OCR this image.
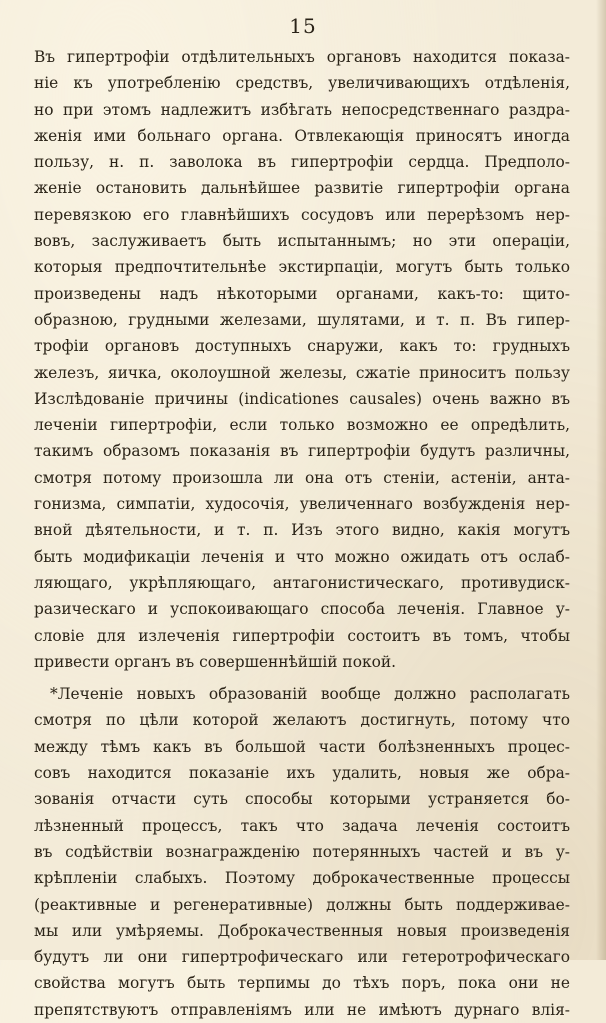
15
Въ гипертрофіи отдѣлительныхъ органовъ находится показа-
ніе къ употребленію средствъ, увеличивающихъ отдѣленія,
но при этомъ надлежитъ избѣгать непосредственнаго раздра-
женія ими больнаго органа. Отвлекающія приносятъ иногда
пользу, н. п. заволока въ гипертрофіи сердца. Предполо-
женіе остановить дальнѣйшее развитіе гипертрофіи органа
перевязкою его главнѣйшихъ сосудовъ или перерѣзомъ нер-
вовъ, заслуживаетъ быть испытаннымъ; но эти операціи,
которыя предпочтительнѣе экстирпаціи, могутъ быть только
произведены надъ нѣкоторыми органами, какъ-то: щито-
образною, грудными железами, шулятами, и т. п. Въ гипер-
трофіи органовъ доступныхъ снаружи, какъ то: грудныхъ
железъ, яичка, околоушной железы, сжатіе приноситъ пользу
Изслѣдованіе причины (indicationes causales) очень важно въ
леченіи гипертрофіи, если только возможно ее опредѣлить,
такимъ образомъ показанія въ гипертрофіи будутъ различны,
смотря потому произошла ли она отъ стеніи, астеніи, анта-
гонизма, симпатіи, худосочія, увеличеннаго возбужденія нер-
вной дѣятельности, и т. п. Изъ этого видно, какія могутъ
быть модификаціи леченія и что можно ожидать отъ ослаб-
ляющаго, укрѣпляющаго, антагонистическаго, противудиск-
разическаго и успокоивающаго способа леченія. Главное у-
словіе для излеченія гипертрофіи состоитъ въ томъ, чтобы
привести органъ въ совершеннѣйшій покой.
*Леченіе новыхъ образованій вообще должно располагать
смотря по цѣли которой желаютъ достигнуть, потому что
между тѣмъ какъ въ большой части болѣзненныхъ процес-
совъ находится показаніе ихъ удалить, новыя же обра-
зованія отчасти суть способы которыми устраняется бо-
лѣзненный процессъ, такъ что задача леченія состоитъ
въ содѣйствіи вознагражденію потерянныхъ частей и въ у-
крѣпленіи слабыхъ. Поэтому доброкачественные процессы
(реактивные и регенеративные) должны быть поддерживае-
мы или умѣряемы. Доброкачественныя новыя произведенія
будутъ ли они гипертрофическаго или гетеротрофическаго
свойства могутъ быть терпимы до тѣхъ поръ, пока они не
препятствуютъ отправленіямъ или не имѣютъ дурнаго влія-
